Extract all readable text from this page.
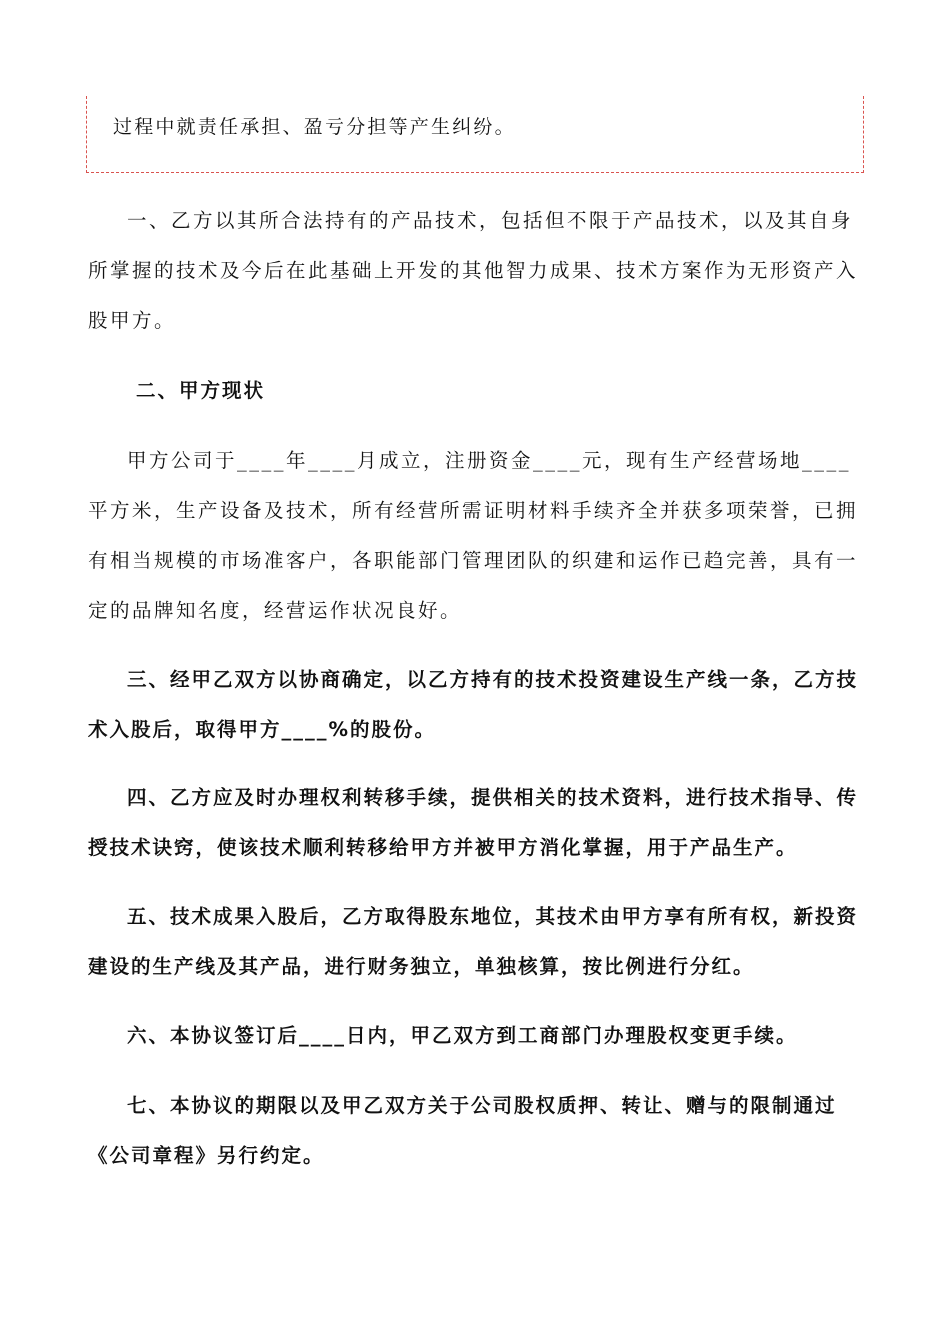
过程中就责任承担、盈亏分担等产生纠纷。

一、乙方以其所合法持有的产品技术，包括但不限于产品技术，以及其自身所掌握的技术及今后在此基础上开发的其他智力成果、技术方案作为无形资产入股甲方。

二、甲方现状

甲方公司于____年____月成立，注册资金____元，现有生产经营场地____平方米，生产设备及技术，所有经营所需证明材料手续齐全并获多项荣誉，已拥有相当规模的市场准客户，各职能部门管理团队的织建和运作已趋完善，具有一定的品牌知名度，经营运作状况良好。

三、经甲乙双方以协商确定，以乙方持有的技术投资建设生产线一条，乙方技术入股后，取得甲方____%的股份。

四、乙方应及时办理权利转移手续，提供相关的技术资料，进行技术指导、传授技术诀窍，使该技术顺利转移给甲方并被甲方消化掌握，用于产品生产。

五、技术成果入股后，乙方取得股东地位，其技术由甲方享有所有权，新投资建设的生产线及其产品，进行财务独立，单独核算，按比例进行分红。

六、本协议签订后____日内，甲乙双方到工商部门办理股权变更手续。

七、本协议的期限以及甲乙双方关于公司股权质押、转让、赠与的限制通过《公司章程》另行约定。
